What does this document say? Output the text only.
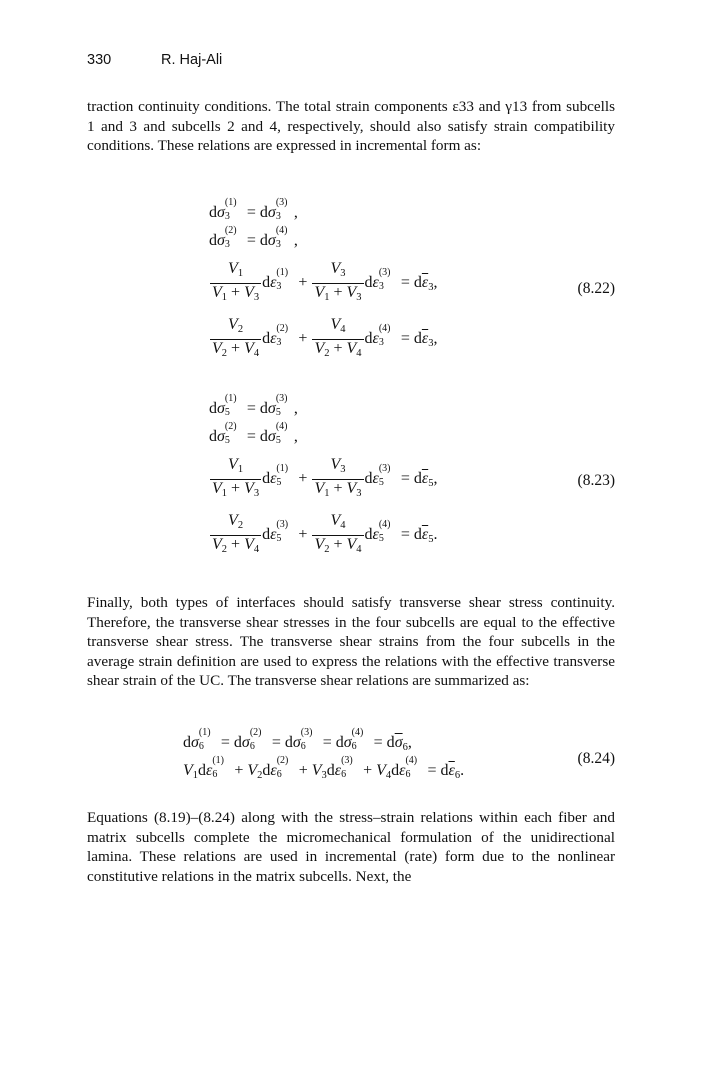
330	R. Haj-Ali
traction continuity conditions. The total strain components ε33 and γ13 from subcells 1 and 3 and subcells 2 and 4, respectively, should also satisfy strain compatibility conditions. These relations are expressed in incremental form as:
dσ
(1)
3 = dσ
(3)
3 ,
dσ
(2)
3 = dσ
(4)
3 ,
$\frac{V_1}{V_1 + V_3}$ dε
(1)
$3 + \frac{V_3}{V_1 + V_3}$ dε
(3)
$3 = d\overline{\varepsilon}_3$,
$\frac{V_2}{V_2 + V_4}$ dε
(2)
$3 + \frac{V_4}{V_2 + V_4}$ dε
(4)
$3 = d\overline{\varepsilon}_3$,
(8.22)
dσ
(1)
5 = dσ
(3)
5 ,
dσ
(2)
5 = dσ
(4)
5 ,
$\frac{V_1}{V_1 + V_3}$ dε
(1)
$5 + \frac{V_3}{V_1 + V_3}$ dε
(3)
$5 = d\overline{\varepsilon}_5$,
$\frac{V_2}{V_2 + V_4}$ dε
(3)
$5 + \frac{V_4}{V_2 + V_4}$ dε
(4)
$5 = d\overline{\varepsilon}_5$.
(8.23)
Finally, both types of interfaces should satisfy transverse shear stress continuity. Therefore, the transverse shear stresses in the four subcells are equal to the effective transverse shear stress. The transverse shear strains from the four subcells in the average strain definition are used to express the relations with the effective transverse shear strain of the UC. The transverse shear relations are summarized as:
dσ
(1)
6 = dσ
(2)
6 = dσ
(3)
6 = dσ
(4)
$6 = d\overline{\sigma}_6$,
$V_1d\varepsilon$
(1)
$6 + V_2d\varepsilon$
(2)
$6 + V_3d\varepsilon$
(3)
$6 + V_4d\varepsilon$
(4)
$6 = d\overline{\varepsilon}_6$.
(8.24)
Equations (8.19)–(8.24) along with the stress–strain relations within each fiber and matrix subcells complete the micromechanical formulation of the unidirectional lamina. These relations are used in incremental (rate) form due to the nonlinear constitutive relations in the matrix subcells. Next, the
